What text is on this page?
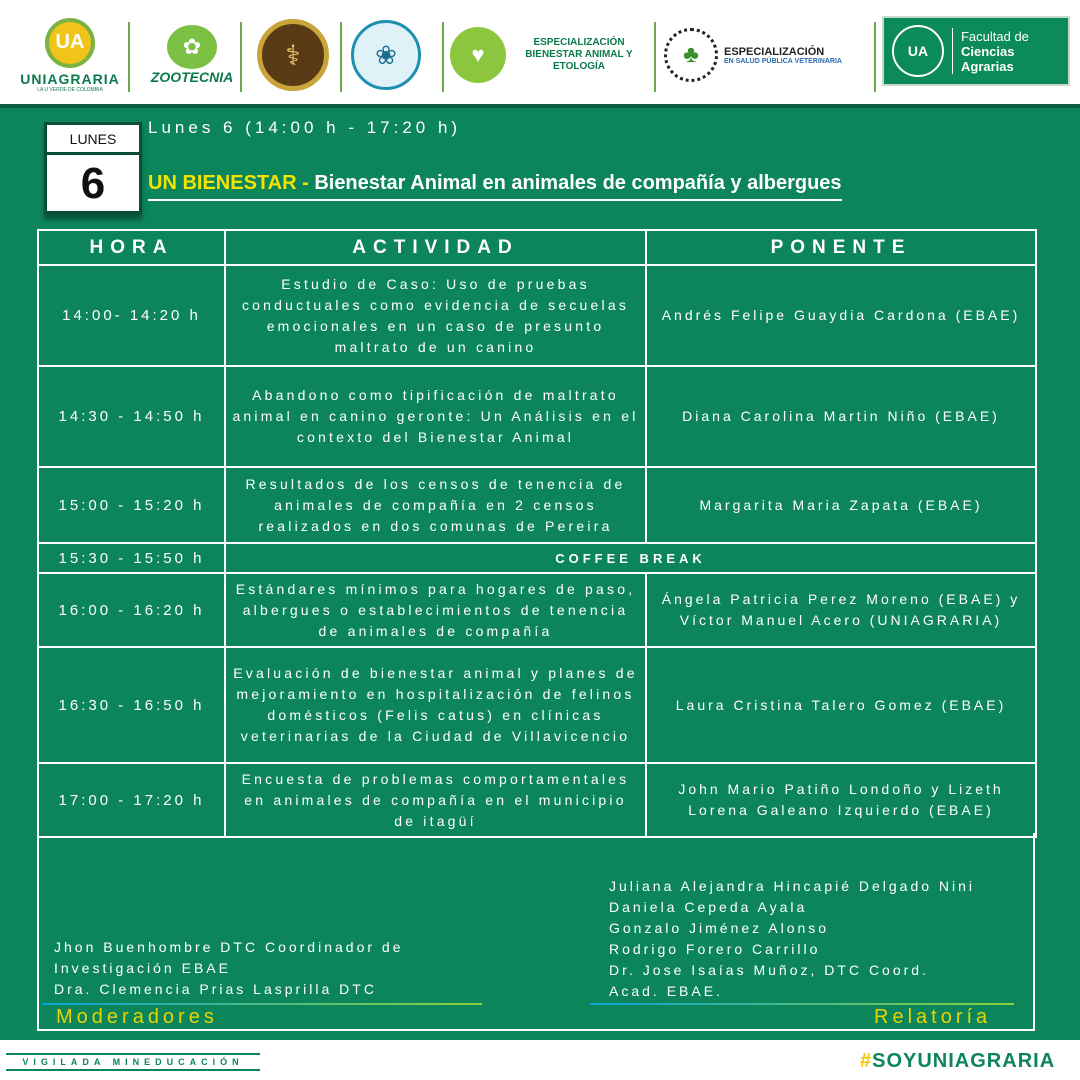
UA
UNIAGRARIA
LA U VERDE DE COLOMBIA
✿
ZOOTECNIA
⚕	❀	♥	ESPECIALIZACIÓN BIENESTAR ANIMAL Y ETOLOGÍA	♣	ESPECIALIZACIÓN
EN SALUD PÚBLICA VETERINARIA
UA
Facultad de
Ciencias Agrarias
LUNES
6
Lunes 6 (14:00 h - 17:20 h)
UN BIENESTAR - Bienestar Animal en animales de compañía y albergues
HORA	ACTIVIDAD	PONENTE
14:00- 14:20 h	Estudio de Caso: Uso de pruebas conductuales como evidencia de secuelas emocionales en un caso de presunto maltrato de un canino	Andrés Felipe Guaydia Cardona (EBAE)
14:30 - 14:50 h	Abandono como tipificación de maltrato animal en canino geronte: Un Análisis en el contexto del Bienestar Animal	Diana Carolina Martin Niño (EBAE)
15:00 - 15:20 h	Resultados de los censos de tenencia de animales de compañía en 2 censos realizados en dos comunas de Pereira	Margarita Maria Zapata (EBAE)
15:30 - 15:50 h	COFFEE BREAK	
16:00 - 16:20 h	Estándares mínimos para hogares de paso, albergues o establecimientos de tenencia de animales de compañía	Ángela Patricia Perez Moreno (EBAE) y Víctor Manuel Acero (UNIAGRARIA)
16:30 - 16:50 h	Evaluación de bienestar animal y planes de mejoramiento en hospitalización de felinos domésticos (Felis catus) en clínicas veterinarias de la Ciudad de Villavicencio	Laura Cristina Talero Gomez (EBAE)
17:00 - 17:20 h	Encuesta de problemas comportamentales en animales de compañía en el municipio de itagüí	John Mario Patiño Londoño y Lizeth Lorena Galeano Izquierdo (EBAE)
Jhon Buenhombre DTC Coordinador de
Investigación EBAE
Dra. Clemencia Prias Lasprilla DTC
Moderadores
Juliana Alejandra Hincapié Delgado Nini
Daniela Cepeda Ayala
Gonzalo Jiménez Alonso
Rodrigo Forero Carrillo
Dr. Jose Isaías Muñoz, DTC Coord.
Acad. EBAE.
Relatoría
VIGILADA MINEDUCACIÓN	#SOYUNIAGRARIA
